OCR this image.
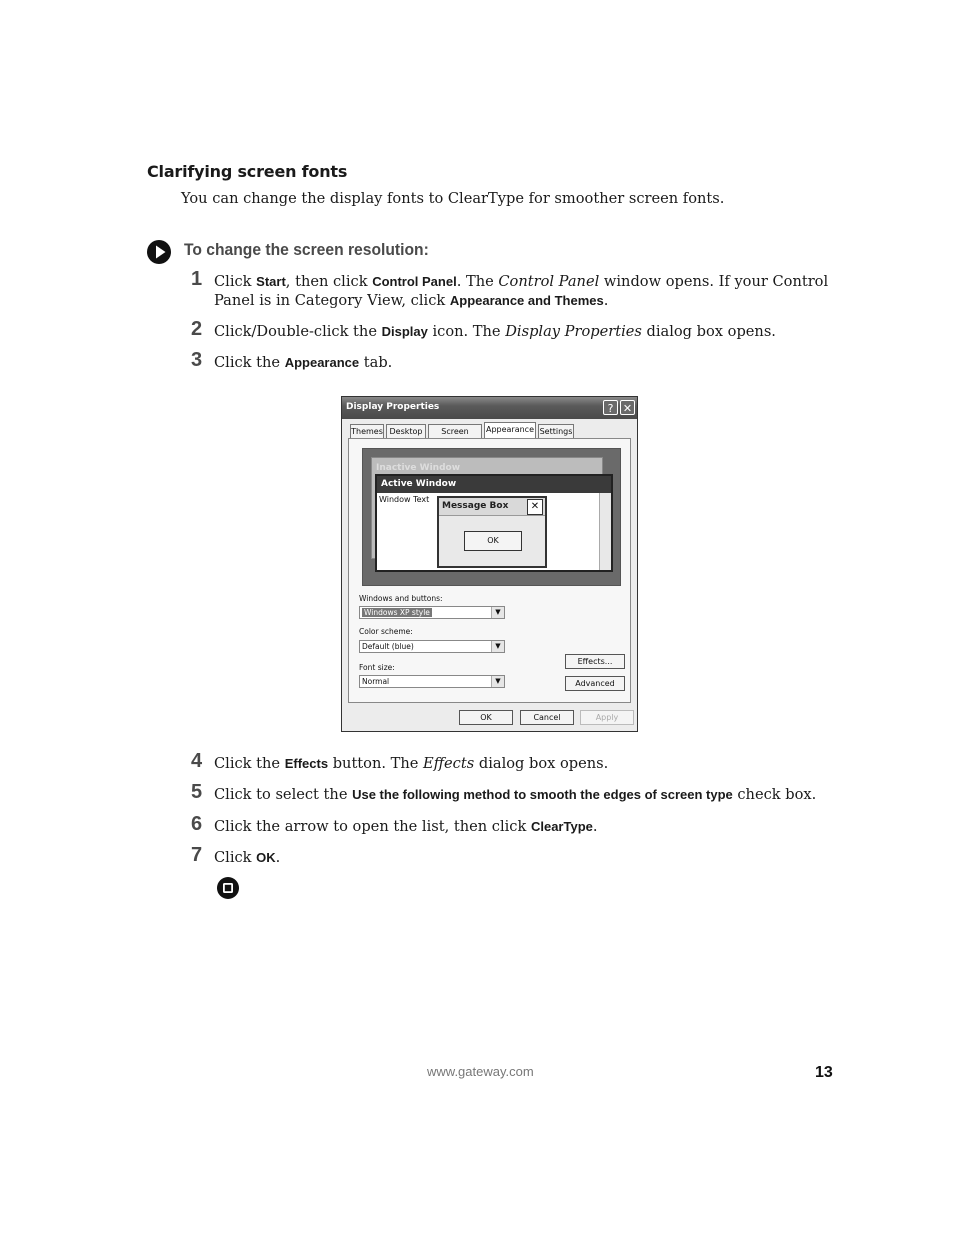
Clarifying screen fonts
You can change the display fonts to ClearType for smoother screen fonts.
To change the screen resolution:
1 Click Start, then click Control Panel. The Control Panel window opens. If your Control Panel is in Category View, click Appearance and Themes.
2 Click/Double-click the Display icon. The Display Properties dialog box opens.
3 Click the Appearance tab.
Display Properties	? ✕
Themes Desktop	Screen	Appearance Settings
Inactive Window
Active Window
Window Text
Message Box	✕
OK
Windows and buttons:
Windows XP style	▼
Color scheme:
Default (blue)	▼
Font size:
Normal	▼
Effects...
Advanced
OK	Cancel	Apply
4 Click the Effects button. The Effects dialog box opens.
5 Click to select the Use the following method to smooth the edges of screen type check box.
6 Click the arrow to open the list, then click ClearType.
7 Click OK.
www.gateway.com	13
